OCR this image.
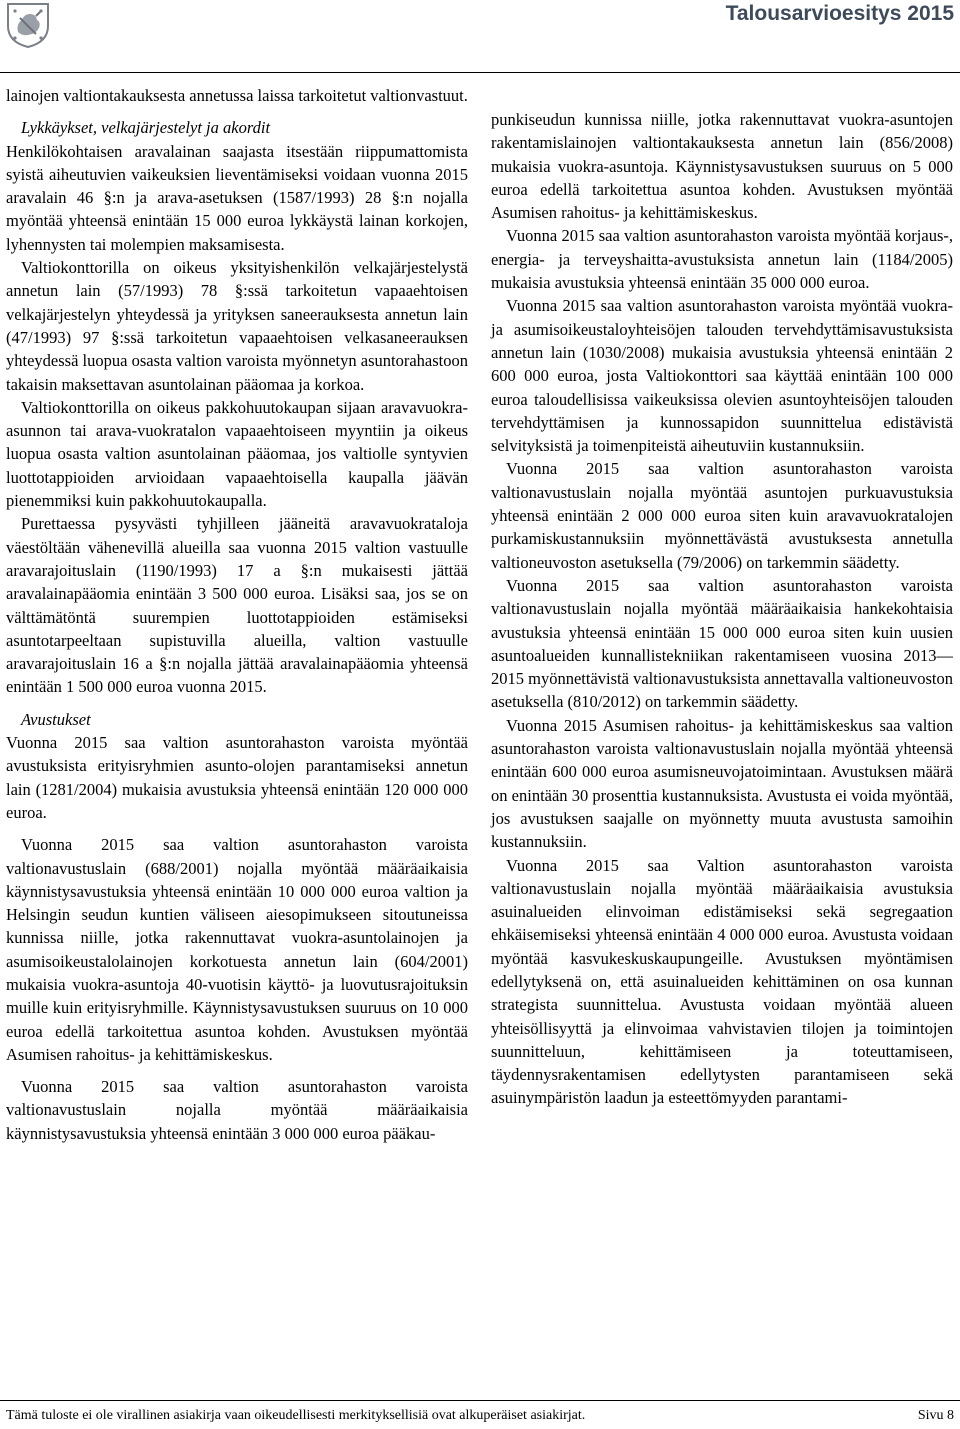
Talousarvioesitys 2015

lainojen valtiontakauksesta annetussa laissa tarkoitetut valtionvastuut.

Lykkäykset, velkajärjestelyt ja akordit

Henkilökohtaisen aravalainan saajasta itsestään riippumattomista syistä aiheutuvien vaikeuksien lieventämiseksi voidaan vuonna 2015 aravalain 46 §:n ja arava-asetuksen (1587/1993) 28 §:n nojalla myöntää yhteensä enintään 15 000 euroa lykkäystä lainan korkojen, lyhennysten tai molempien maksamisesta.

Valtiokonttorilla on oikeus yksityishenkilön velkajärjestelystä annetun lain (57/1993) 78 §:ssä tarkoitetun vapaaehtoisen velkajärjestelyn yhteydessä ja yrityksen saneerauksesta annetun lain (47/1993) 97 §:ssä tarkoitetun vapaaehtoisen velkasaneerauksen yhteydessä luopua osasta valtion varoista myönnetyn asuntorahastoon takaisin maksettavan asuntolainan pääomaa ja korkoa.

Valtiokonttorilla on oikeus pakkohuutokaupan sijaan aravavuokra-asunnon tai arava-vuokratalon vapaaehtoiseen myyntiin ja oikeus luopua osasta valtion asuntolainan pääomaa, jos valtiolle syntyvien luottotappioiden arvioidaan vapaaehtoisella kaupalla jäävän pienemmiksi kuin pakkohuutokaupalla.

Purettaessa pysyvästi tyhjilleen jääneitä aravavuokrataloja väestöltään vähenevillä alueilla saa vuonna 2015 valtion vastuulle aravarajoituslain (1190/1993) 17 a §:n mukaisesti jättää aravalainapääomia enintään 3 500 000 euroa. Lisäksi saa, jos se on välttämätöntä suurempien luottotappioiden estämiseksi asuntotarpeeltaan supistuvilla alueilla, valtion vastuulle aravarajoituslain 16 a §:n nojalla jättää aravalainapääomia yhteensä enintään 1 500 000 euroa vuonna 2015.

Avustukset

Vuonna 2015 saa valtion asuntorahaston varoista myöntää avustuksista erityisryhmien asunto-olojen parantamiseksi annetun lain (1281/2004) mukaisia avustuksia yhteensä enintään 120 000 000 euroa.

Vuonna 2015 saa valtion asuntorahaston varoista valtionavustuslain (688/2001) nojalla myöntää määräaikaisia käynnistysavustuksia yhteensä enintään 10 000 000 euroa valtion ja Helsingin seudun kuntien väliseen aiesopimukseen sitoutuneissa kunnissa niille, jotka rakennuttavat vuokra-asuntolainojen ja asumisoikeustalolainojen korkotuesta annetun lain (604/2001) mukaisia vuokra-asuntoja 40-vuotisin käyttö- ja luovutusrajoituksin muille kuin erityisryhmille. Käynnistysavustuksen suuruus on 10 000 euroa edellä tarkoitettua asuntoa kohden. Avustuksen myöntää Asumisen rahoitus- ja kehittämiskeskus.

Vuonna 2015 saa valtion asuntorahaston varoista valtionavustuslain nojalla myöntää määräaikaisia käynnistysavustuksia yhteensä enintään 3 000 000 euroa pääkau-

punkiseudun kunnissa niille, jotka rakennuttavat vuokra-asuntojen rakentamislainojen valtiontakauksesta annetun lain (856/2008) mukaisia vuokra-asuntoja. Käynnistysavustuksen suuruus on 5 000 euroa edellä tarkoitettua asuntoa kohden. Avustuksen myöntää Asumisen rahoitus- ja kehittämiskeskus.

Vuonna 2015 saa valtion asuntorahaston varoista myöntää korjaus-, energia- ja terveyshaitta-avustuksista annetun lain (1184/2005) mukaisia avustuksia yhteensä enintään 35 000 000 euroa.

Vuonna 2015 saa valtion asuntorahaston varoista myöntää vuokra- ja asumisoikeustaloyhteisöjen talouden tervehdyttämisavustuksista annetun lain (1030/2008) mukaisia avustuksia yhteensä enintään 2 600 000 euroa, josta Valtiokonttori saa käyttää enintään 100 000 euroa taloudellisissa vaikeuksissa olevien asuntoyhteisöjen talouden tervehdyttämisen ja kunnossapidon suunnittelua edistävistä selvityksistä ja toimenpiteistä aiheutuviin kustannuksiin.

Vuonna 2015 saa valtion asuntorahaston varoista valtionavustuslain nojalla myöntää asuntojen purkuavustuksia yhteensä enintään 2 000 000 euroa siten kuin aravavuokratalojen purkamiskustannuksiin myönnettävästä avustuksesta annetulla valtioneuvoston asetuksella (79/2006) on tarkemmin säädetty.

Vuonna 2015 saa valtion asuntorahaston varoista valtionavustuslain nojalla myöntää määräaikaisia hankekohtaisia avustuksia yhteensä enintään 15 000 000 euroa siten kuin uusien asuntoalueiden kunnallistekniikan rakentamiseen vuosina 2013—2015 myönnettävistä valtionavustuksista annettavalla valtioneuvoston asetuksella (810/2012) on tarkemmin säädetty.

Vuonna 2015 Asumisen rahoitus- ja kehittämiskeskus saa valtion asuntorahaston varoista valtionavustuslain nojalla myöntää yhteensä enintään 600 000 euroa asumisneuvojatoimintaan. Avustuksen määrä on enintään 30 prosenttia kustannuksista. Avustusta ei voida myöntää, jos avustuksen saajalle on myönnetty muuta avustusta samoihin kustannuksiin.

Vuonna 2015 saa Valtion asuntorahaston varoista valtionavustuslain nojalla myöntää määräaikaisia avustuksia asuinalueiden elinvoiman edistämiseksi sekä segregaation ehkäisemiseksi yhteensä enintään 4 000 000 euroa. Avustusta voidaan myöntää kasvukeskuskaupungeille. Avustuksen myöntämisen edellytyksenä on, että asuinalueiden kehittäminen on osa kunnan strategista suunnittelua. Avustusta voidaan myöntää alueen yhteisöllisyyttä ja elinvoimaa vahvistavien tilojen ja toimintojen suunnitteluun, kehittämiseen ja toteuttamiseen, täydennysrakentamisen edellytysten parantamiseen sekä asuinympäristön laadun ja esteettömyyden parantami-

Tämä tuloste ei ole virallinen asiakirja vaan oikeudellisesti merkityksellisiä ovat alkuperäiset asiakirjat.	Sivu 8
